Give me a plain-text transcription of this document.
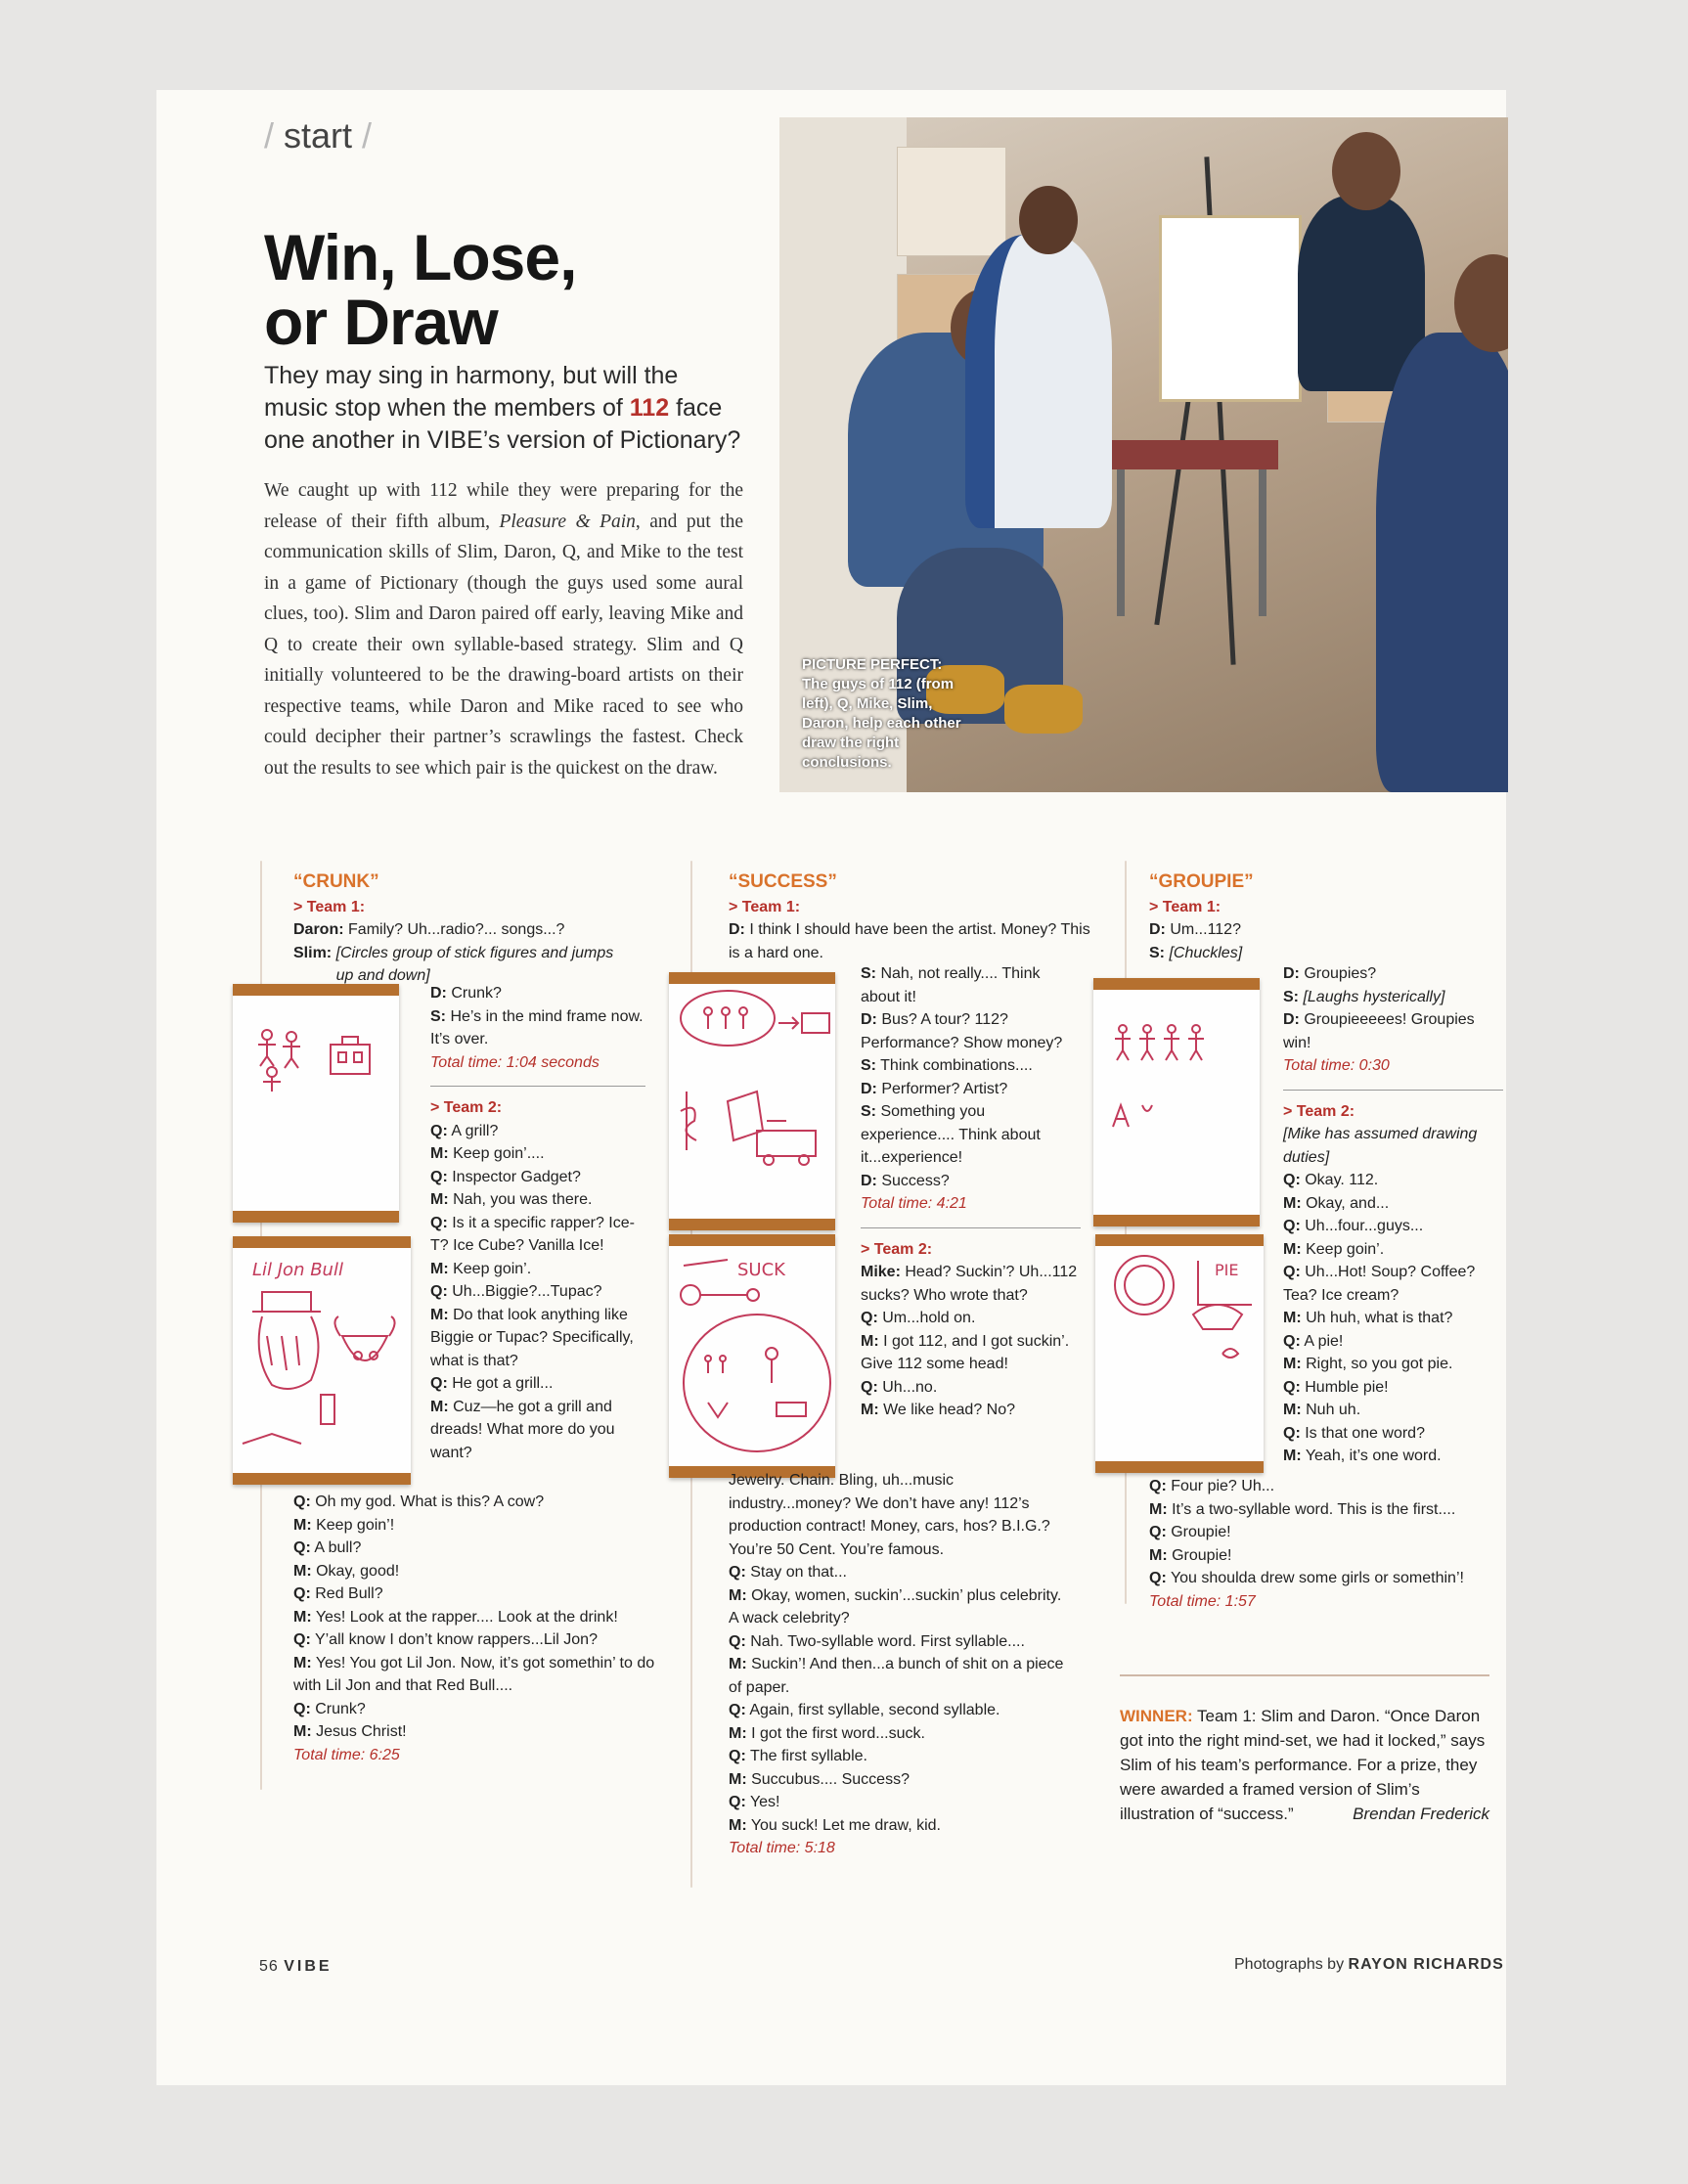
/ start /
Win, Lose,
or Draw
They may sing in harmony, but will the music stop when the members of 112 face one another in VIBE’s version of Pictionary?
We caught up with 112 while they were preparing for the release of their fifth album, Pleasure & Pain, and put the communication skills of Slim, Daron, Q, and Mike to the test in a game of Pictionary (though the guys used some aural clues, too). Slim and Daron paired off early, leaving Mike and Q to create their own syllable-based strategy. Slim and Q initially volunteered to be the drawing-board artists on their respective teams, while Daron and Mike raced to see who could decipher their partner’s scrawlings the fastest. Check out the results to see which pair is the quickest on the draw.
PICTURE PERFECT:
The guys of 112 (from left), Q, Mike, Slim, Daron, help each other draw the right conclusions.
“CRUNK”
> Team 1:
Daron: Family? Uh...radio?... songs...?
Slim: [Circles group of stick figures and jumps up and down]
D: Crunk?
S: He’s in the mind frame now. It’s over.
Total time: 1:04 seconds
> Team 2:
Q: A grill?
M: Keep goin’....
Q: Inspector Gadget?
M: Nah, you was there.
Q: Is it a specific rapper? Ice-T? Ice Cube? Vanilla Ice!
M: Keep goin’.
Q: Uh...Biggie?...Tupac?
M: Do that look anything like Biggie or Tupac? Specifically, what is that?
Q: He got a grill...
M: Cuz—he got a grill and dreads! What more do you want?
Lil Jon Bull
Q: Oh my god. What is this? A cow?
M: Keep goin’!
Q: A bull?
M: Okay, good!
Q: Red Bull?
M: Yes! Look at the rapper.... Look at the drink!
Q: Y’all know I don’t know rappers...Lil Jon?
M: Yes! You got Lil Jon. Now, it’s got somethin’ to do with Lil Jon and that Red Bull....
Q: Crunk?
M: Jesus Christ!
Total time: 6:25
“SUCCESS”
> Team 1:
D: I think I should have been the artist. Money? This is a hard one.
S: Nah, not really.... Think about it!
D: Bus? A tour? 112? Performance? Show money?
S: Think combinations....
D: Performer? Artist?
S: Something you experience.... Think about it...experience!
D: Success?
Total time: 4:21
> Team 2:
Mike: Head? Suckin’? Uh...112 sucks? Who wrote that?
Q: Um...hold on.
M: I got 112, and I got suckin’. Give 112 some head!
Q: Uh...no.
M: We like head? No?
SUCK
Jewelry. Chain. Bling, uh...music industry...money? We don’t have any! 112’s production contract! Money, cars, hos? B.I.G.? You’re 50 Cent. You’re famous.
Q: Stay on that...
M: Okay, women, suckin’...suckin’ plus celebrity. A wack celebrity?
Q: Nah. Two-syllable word. First syllable....
M: Suckin’! And then...a bunch of shit on a piece of paper.
Q: Again, first syllable, second syllable.
M: I got the first word...suck.
Q: The first syllable.
M: Succubus.... Success?
Q: Yes!
M: You suck! Let me draw, kid.
Total time: 5:18
“GROUPIE”
> Team 1:
D: Um...112?
S: [Chuckles]
D: Groupies?
S: [Laughs hysterically]
D: Groupieeeees! Groupies win!
Total time: 0:30
> Team 2:
[Mike has assumed drawing duties]
Q: Okay. 112.
M: Okay, and...
Q: Uh...four...guys...
M: Keep goin’.
Q: Uh...Hot! Soup? Coffee? Tea? Ice cream?
M: Uh huh, what is that?
Q: A pie!
M: Right, so you got pie.
Q: Humble pie!
M: Nuh uh.
Q: Is that one word?
M: Yeah, it’s one word.
PIE
Q: Four pie? Uh...
M: It’s a two-syllable word. This is the first....
Q: Groupie!
M: Groupie!
Q: You shoulda drew some girls or somethin’!
Total time: 1:57
WINNER: Team 1: Slim and Daron. “Once Daron got into the right mind-set, we had it locked,” says Slim of his team’s performance. For a prize, they were awarded a framed version of Slim’s illustration of “success.”	Brendan Frederick
56 VIBE	Photographs by RAYON RICHARDS
